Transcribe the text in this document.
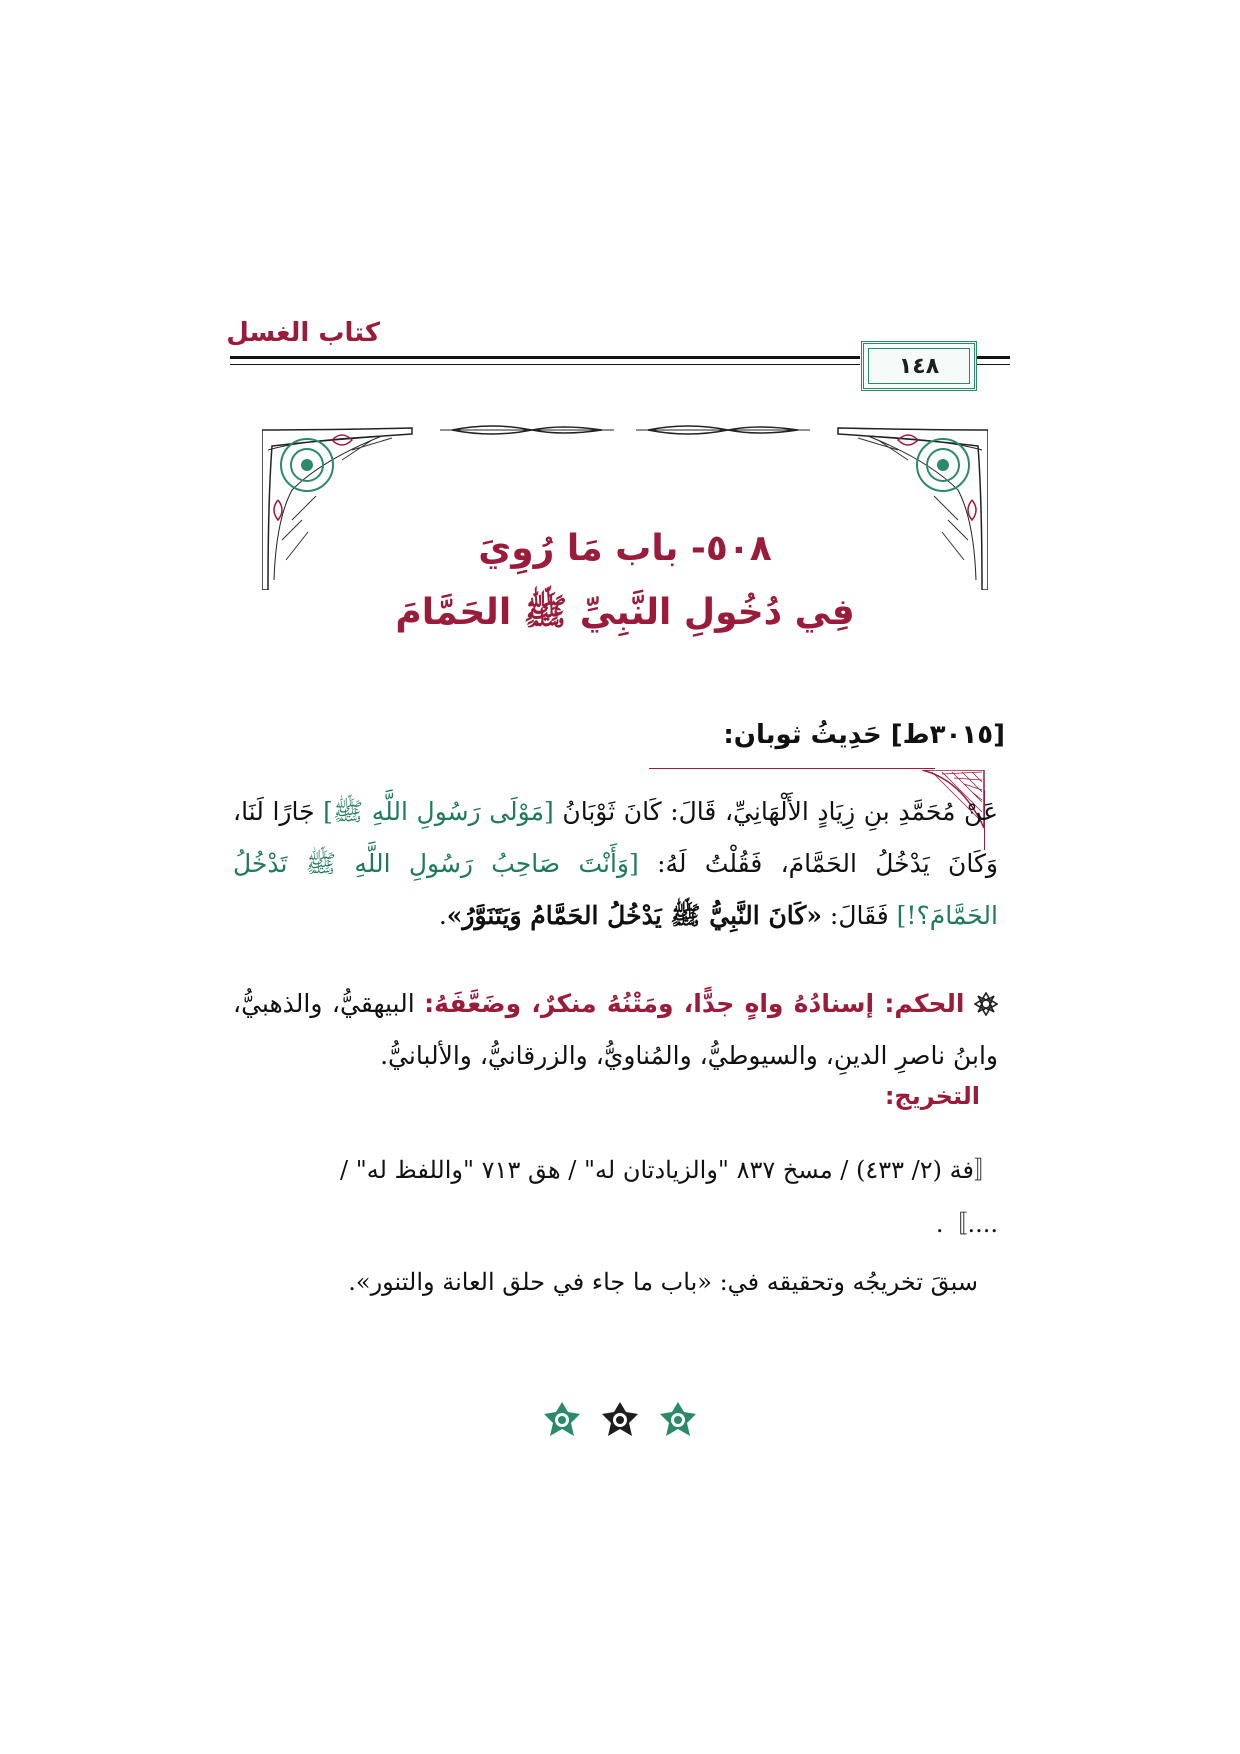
كتاب الغسل
١٤٨
٥٠٨- باب مَا رُوِيَ
فِي دُخُولِ النَّبِيِّ ﷺ الحَمَّامَ
[٣٠١٥ط] حَدِيثُ ثوبان:
عَنْ مُحَمَّدِ بنِ زِيَادٍ الأَلْهَانِيِّ، قَالَ: كَانَ ثَوْبَانُ [مَوْلَى رَسُولِ اللَّهِ ﷺ] جَارًا لَنَا، وَكَانَ يَدْخُلُ الحَمَّامَ، فَقُلْتُ لَهُ: [وَأَنْتَ صَاحِبُ رَسُولِ اللَّهِ ﷺ تَدْخُلُ الحَمَّامَ؟!] فَقَالَ: «كَانَ النَّبِيُّ ﷺ يَدْخُلُ الحَمَّامُ وَيَتَنَوَّرُ».
الحكم: إسنادُهُ واهٍ جدًّا، ومَتْنُهُ منكرٌ، وضَعَّفَهُ: البيهقيُّ، والذهبيُّ، وابنُ ناصرِ الدينِ، والسيوطيُّ، والمُناويُّ، والزرقانيُّ، والألبانيُّ.
التخريج:
〚فة (٢/ ٤٣٣) / مسخ ٨٣٧ "والزيادتان له" / هق ٧١٣ "واللفظ له" /
....〛.
سبقَ تخريجُه وتحقيقه في: «باب ما جاء في حلق العانة والتنور».
